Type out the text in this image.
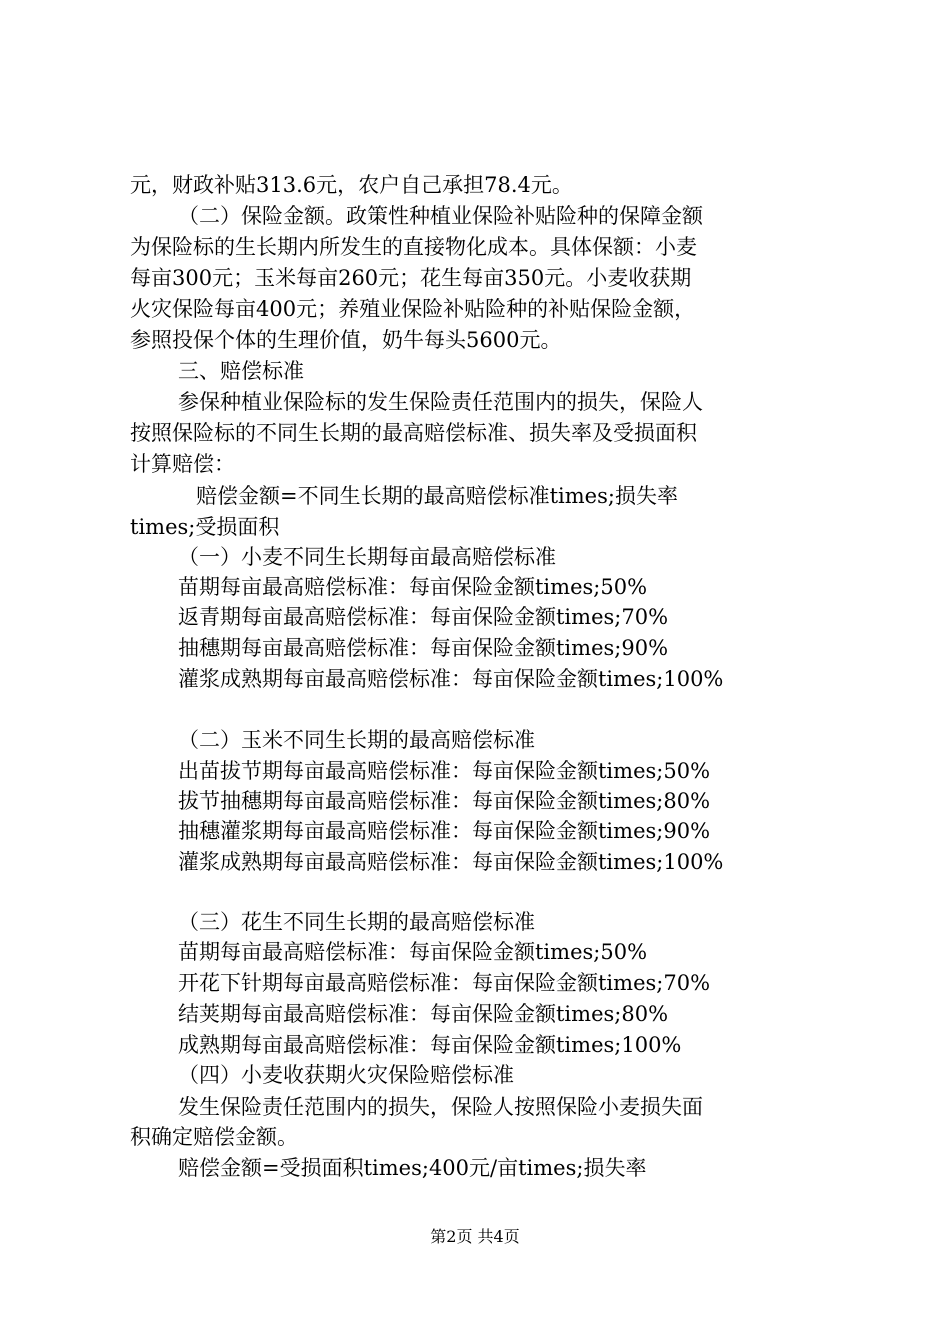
元，财政补贴313.6元，农户自己承担78.4元。
（二）保险金额。政策性种植业保险补贴险种的保障金额
为保险标的生长期内所发生的直接物化成本。具体保额：小麦
每亩300元；玉米每亩260元；花生每亩350元。小麦收获期
火灾保险每亩400元；养殖业保险补贴险种的补贴保险金额，
参照投保个体的生理价值，奶牛每头5600元。
三、赔偿标准
参保种植业保险标的发生保险责任范围内的损失，保险人
按照保险标的不同生长期的最高赔偿标准、损失率及受损面积
计算赔偿：
赔偿金额=不同生长期的最高赔偿标准times;损失率
times;受损面积
（一）小麦不同生长期每亩最高赔偿标准
苗期每亩最高赔偿标准：每亩保险金额times;50%
返青期每亩最高赔偿标准：每亩保险金额times;70%
抽穗期每亩最高赔偿标准：每亩保险金额times;90%
灌浆成熟期每亩最高赔偿标准：每亩保险金额times;100%
（二）玉米不同生长期的最高赔偿标准
出苗拔节期每亩最高赔偿标准：每亩保险金额times;50%
拔节抽穗期每亩最高赔偿标准：每亩保险金额times;80%
抽穗灌浆期每亩最高赔偿标准：每亩保险金额times;90%
灌浆成熟期每亩最高赔偿标准：每亩保险金额times;100%
（三）花生不同生长期的最高赔偿标准
苗期每亩最高赔偿标准：每亩保险金额times;50%
开花下针期每亩最高赔偿标准：每亩保险金额times;70%
结荚期每亩最高赔偿标准：每亩保险金额times;80%
成熟期每亩最高赔偿标准：每亩保险金额times;100%
（四）小麦收获期火灾保险赔偿标准
发生保险责任范围内的损失，保险人按照保险小麦损失面
积确定赔偿金额。
赔偿金额=受损面积times;400元/亩times;损失率
第2页 共4页
